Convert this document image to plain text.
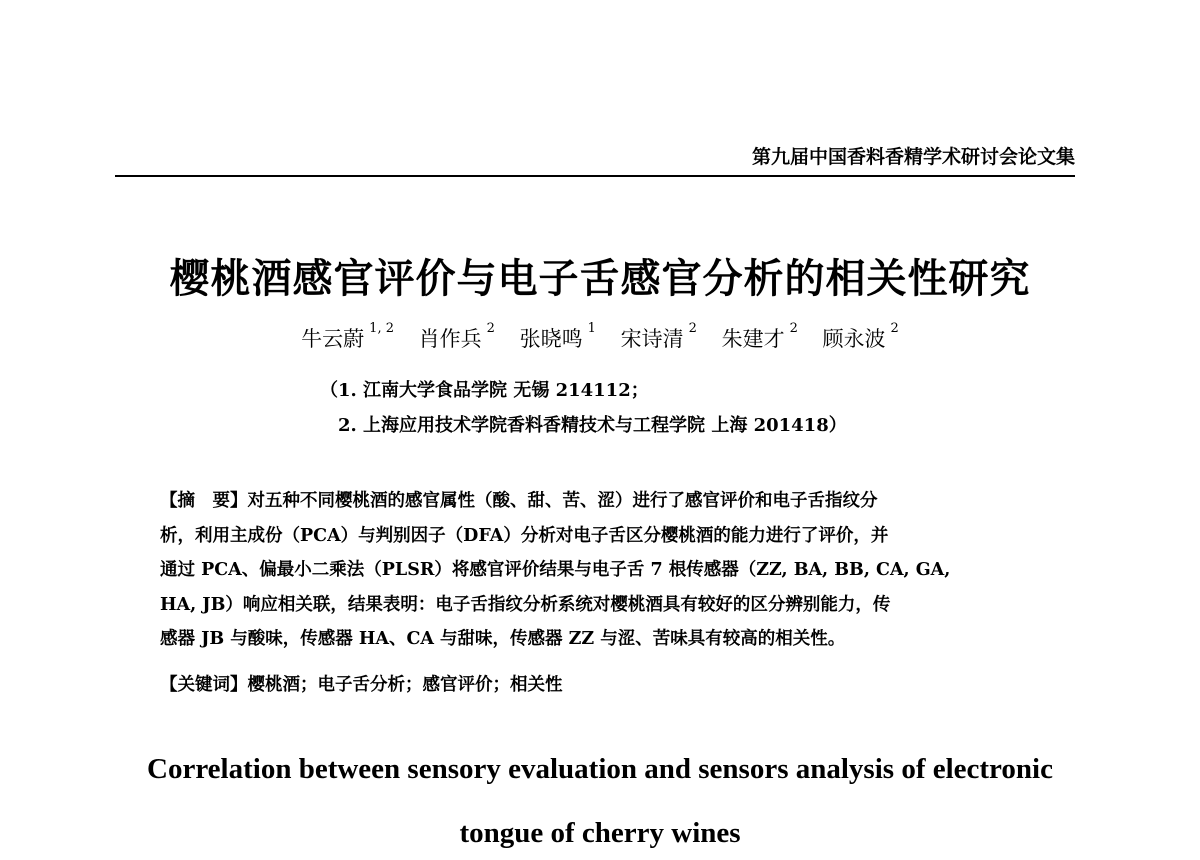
第九届中国香料香精学术研讨会论文集
樱桃酒感官评价与电子舌感官分析的相关性研究
牛云蔚 $^{1, 2}$ 肖作兵 $^2$ 张晓鸣 $^1$ 宋诗清 $^2$ 朱建才 $^2$ 顾永波 $^2$
（1. 江南大学食品学院 无锡 214112；
2. 上海应用技术学院香料香精技术与工程学院 上海 201418）
【摘　要】对五种不同樱桃酒的感官属性（酸、甜、苦、涩）进行了感官评价和电子舌指纹分
析，利用主成份（PCA）与判别因子（DFA）分析对电子舌区分樱桃酒的能力进行了评价，并
通过 PCA、偏最小二乘法（PLSR）将感官评价结果与电子舌 7 根传感器（ZZ, BA, BB, CA, GA,
HA, JB）响应相关联，结果表明：电子舌指纹分析系统对樱桃酒具有较好的区分辨别能力，传
感器 JB 与酸味，传感器 HA、CA 与甜味，传感器 ZZ 与涩、苦味具有较高的相关性。
【关键词】樱桃酒；电子舌分析；感官评价；相关性
Correlation between sensory evaluation and sensors analysis of electronic
tongue of cherry wines
